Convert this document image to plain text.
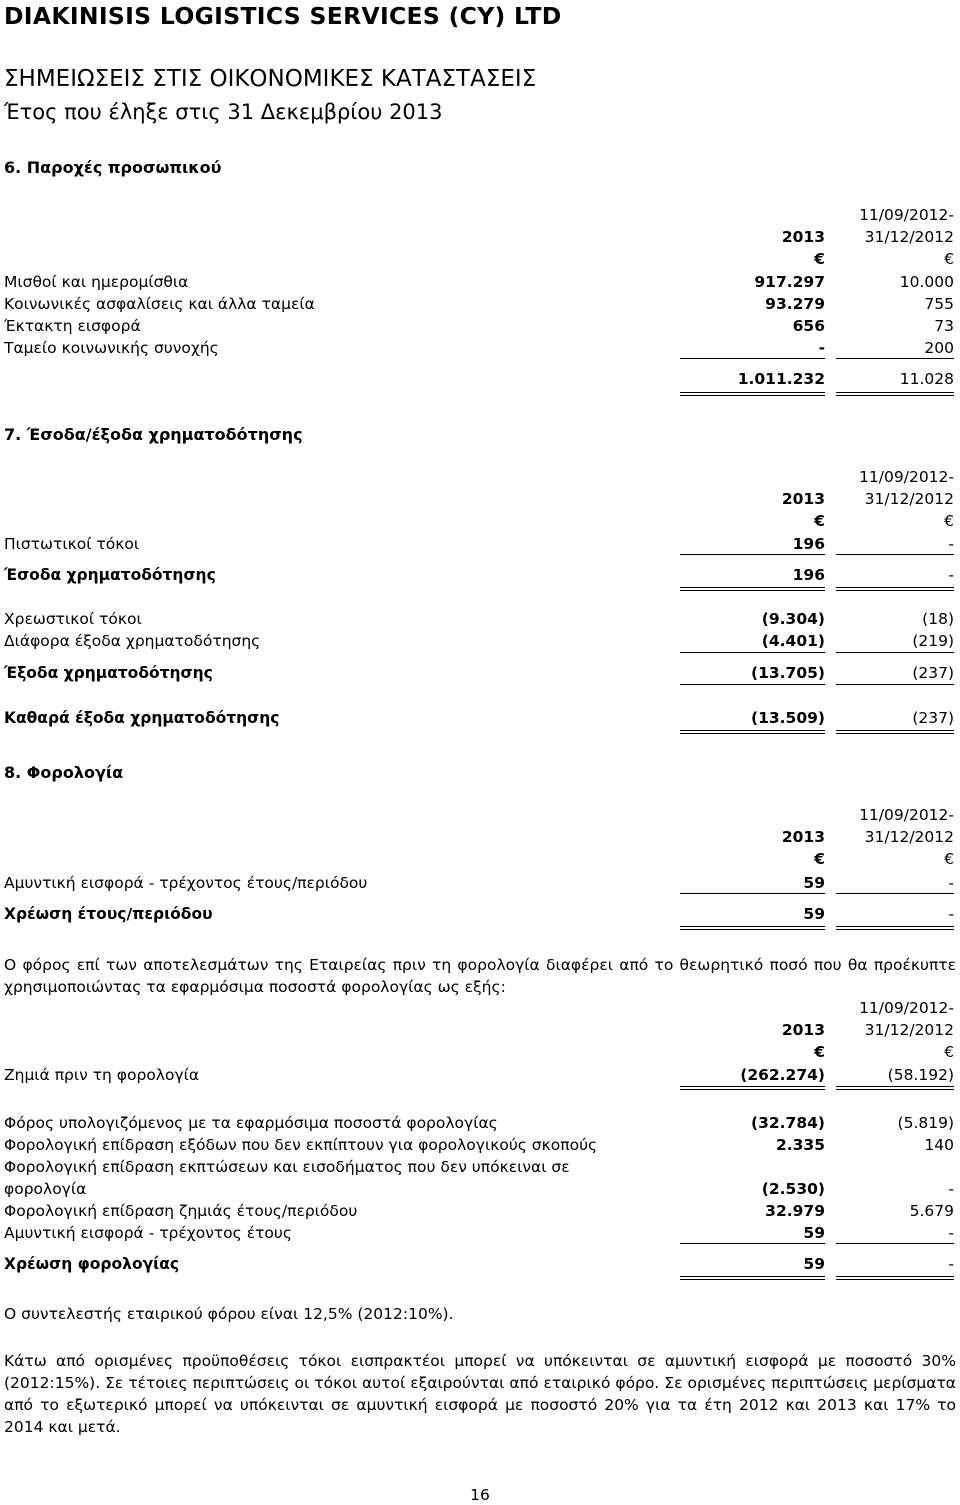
DIAKINISIS LOGISTICS SERVICES (CY) LTD
ΣΗΜΕΙΩΣΕΙΣ ΣΤΙΣ ΟΙΚΟΝΟΜΙΚΕΣ ΚΑΤΑΣΤΑΣΕΙΣ
Έτος που έληξε στις 31 Δεκεμβρίου 2013
6. Παροχές προσωπικού
11/09/2012-
2013	31/12/2012
€	€
Μισθοί και ημερομίσθια	917.297	10.000
Κοινωνικές ασφαλίσεις και άλλα ταμεία	93.279	755
Έκτακτη εισφορά	656	73
Ταμείο κοινωνικής συνοχής	-	200
1.011.232	11.028
7. Έσοδα/έξοδα χρηματοδότησης
11/09/2012-
2013	31/12/2012
€	€
Πιστωτικοί τόκοι	196	-
Έσοδα χρηματοδότησης	196	-
Χρεωστικοί τόκοι	(9.304)	(18)
Διάφορα έξοδα χρηματοδότησης	(4.401)	(219)
Έξοδα χρηματοδότησης	(13.705)	(237)
Καθαρά έξοδα χρηματοδότησης	(13.509)	(237)
8. Φορολογία
11/09/2012-
2013	31/12/2012
€	€
Αμυντική εισφορά - τρέχοντος έτους/περιόδου	59	-
Χρέωση έτους/περιόδου	59	-
Ο φόρος επί των αποτελεσμάτων της Εταιρείας πριν τη φορολογία διαφέρει από το θεωρητικό ποσό που θα προέκυπτε χρησιμοποιώντας τα εφαρμόσιμα ποσοστά φορολογίας ως εξής:
11/09/2012-
2013	31/12/2012
€	€
Ζημιά πριν τη φορολογία	(262.274)	(58.192)
Φόρος υπολογιζόμενος με τα εφαρμόσιμα ποσοστά φορολογίας	(32.784)	(5.819)
Φορολογική επίδραση εξόδων που δεν εκπίπτουν για φορολογικούς σκοπούς	2.335	140
Φορολογική επίδραση εκπτώσεων και εισοδήματος που δεν υπόκειναι σε
φορολογία	(2.530)	-
Φορολογική επίδραση ζημιάς έτους/περιόδου	32.979	5.679
Αμυντική εισφορά - τρέχοντος έτους	59	-
Χρέωση φορολογίας	59	-
Ο συντελεστής εταιρικού φόρου είναι 12,5% (2012:10%).
Κάτω από ορισμένες προϋποθέσεις τόκοι εισπρακτέοι μπορεί να υπόκεινται σε αμυντική εισφορά με ποσοστό 30% (2012:15%). Σε τέτοιες περιπτώσεις οι τόκοι αυτοί εξαιρούνται από εταιρικό φόρο. Σε ορισμένες περιπτώσεις μερίσματα από το εξωτερικό μπορεί να υπόκεινται σε αμυντική εισφορά με ποσοστό 20% για τα έτη 2012 και 2013 και 17% το 2014 και μετά.
16
